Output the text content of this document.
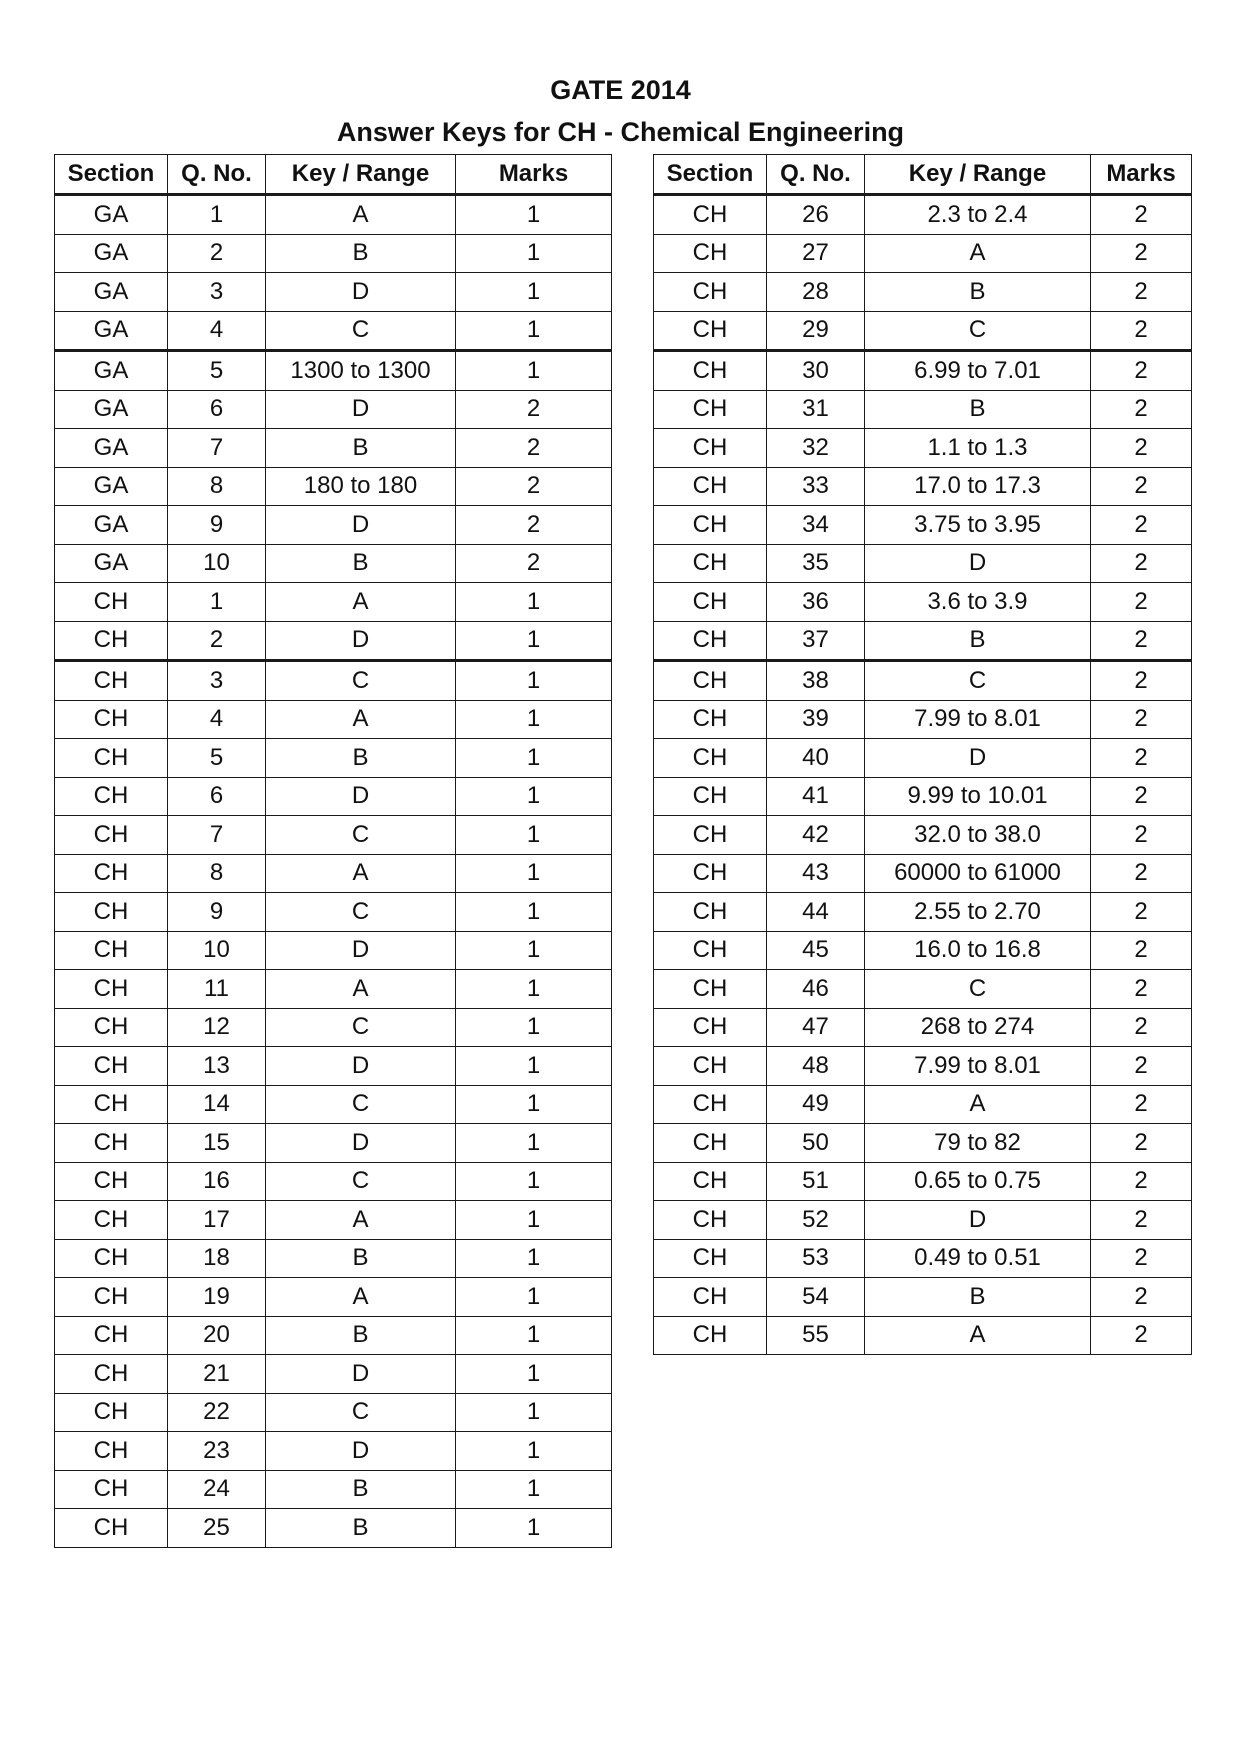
GATE 2014
Answer Keys for CH - Chemical Engineering
Section	Q. No.	Key / Range	Marks
GA	1	A	1
GA	2	B	1
GA	3	D	1
GA	4	C	1
GA	5	1300 to 1300	1
GA	6	D	2
GA	7	B	2
GA	8	180 to 180	2
GA	9	D	2
GA	10	B	2
CH	1	A	1
CH	2	D	1
CH	3	C	1
CH	4	A	1
CH	5	B	1
CH	6	D	1
CH	7	C	1
CH	8	A	1
CH	9	C	1
CH	10	D	1
CH	11	A	1
CH	12	C	1
CH	13	D	1
CH	14	C	1
CH	15	D	1
CH	16	C	1
CH	17	A	1
CH	18	B	1
CH	19	A	1
CH	20	B	1
CH	21	D	1
CH	22	C	1
CH	23	D	1
CH	24	B	1
CH	25	B	1
Section	Q. No.	Key / Range	Marks
CH	26	2.3 to 2.4	2
CH	27	A	2
CH	28	B	2
CH	29	C	2
CH	30	6.99 to 7.01	2
CH	31	B	2
CH	32	1.1 to 1.3	2
CH	33	17.0 to 17.3	2
CH	34	3.75 to 3.95	2
CH	35	D	2
CH	36	3.6 to 3.9	2
CH	37	B	2
CH	38	C	2
CH	39	7.99 to 8.01	2
CH	40	D	2
CH	41	9.99 to 10.01	2
CH	42	32.0 to 38.0	2
CH	43	60000 to 61000	2
CH	44	2.55 to 2.70	2
CH	45	16.0 to 16.8	2
CH	46	C	2
CH	47	268 to 274	2
CH	48	7.99 to 8.01	2
CH	49	A	2
CH	50	79 to 82	2
CH	51	0.65 to 0.75	2
CH	52	D	2
CH	53	0.49 to 0.51	2
CH	54	B	2
CH	55	A	2
